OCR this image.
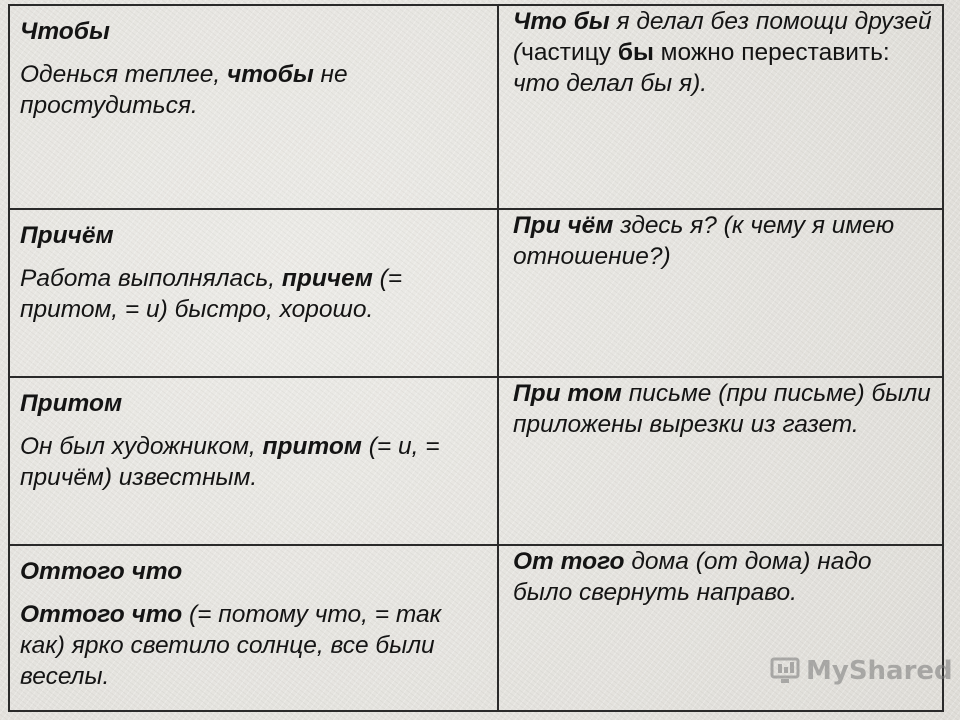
Чтобы
Оденься теплее, чтобы не простудиться.	Что бы я делал без помощи друзей (частицу бы можно переставить: что делал бы я).

Причём
Работа выполнялась, причем (= притом, = и) быстро, хорошо.	При чём здесь я? (к чему я имею отношение?)

Притом
Он был художником, притом (= и, = причём) известным.	При том письме (при письме) были приложены вырезки из газет.

Оттого что
Оттого что (= потому что, = так как) ярко светило солнце, все были веселы.	От того дома (от дома) надо было свернуть направо.
MyShared
